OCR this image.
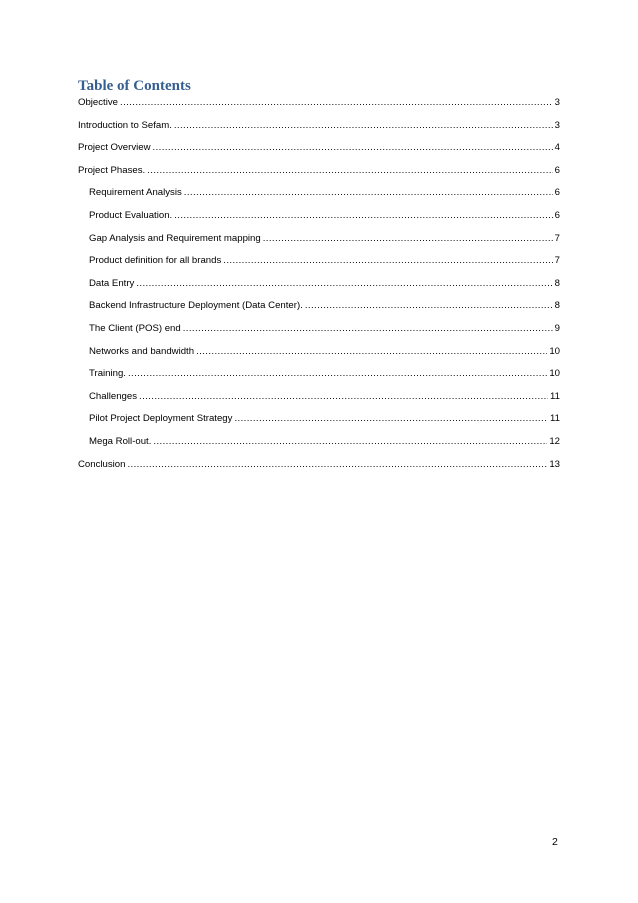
Table of Contents
Objective .....	3
Introduction to Sefam. .....	3
Project Overview .....	4
Project Phases. .....	6
Requirement Analysis .....	6
Product Evaluation. .....	6
Gap Analysis and Requirement mapping .....	7
Product definition for all brands .....	7
Data Entry .....	8
Backend Infrastructure Deployment (Data Center). .....	8
The Client (POS) end .....	9
Networks and bandwidth .....	10
Training. .....	10
Challenges .....	11
Pilot Project Deployment Strategy .....	11
Mega Roll-out. .....	12
Conclusion .....	13
2
